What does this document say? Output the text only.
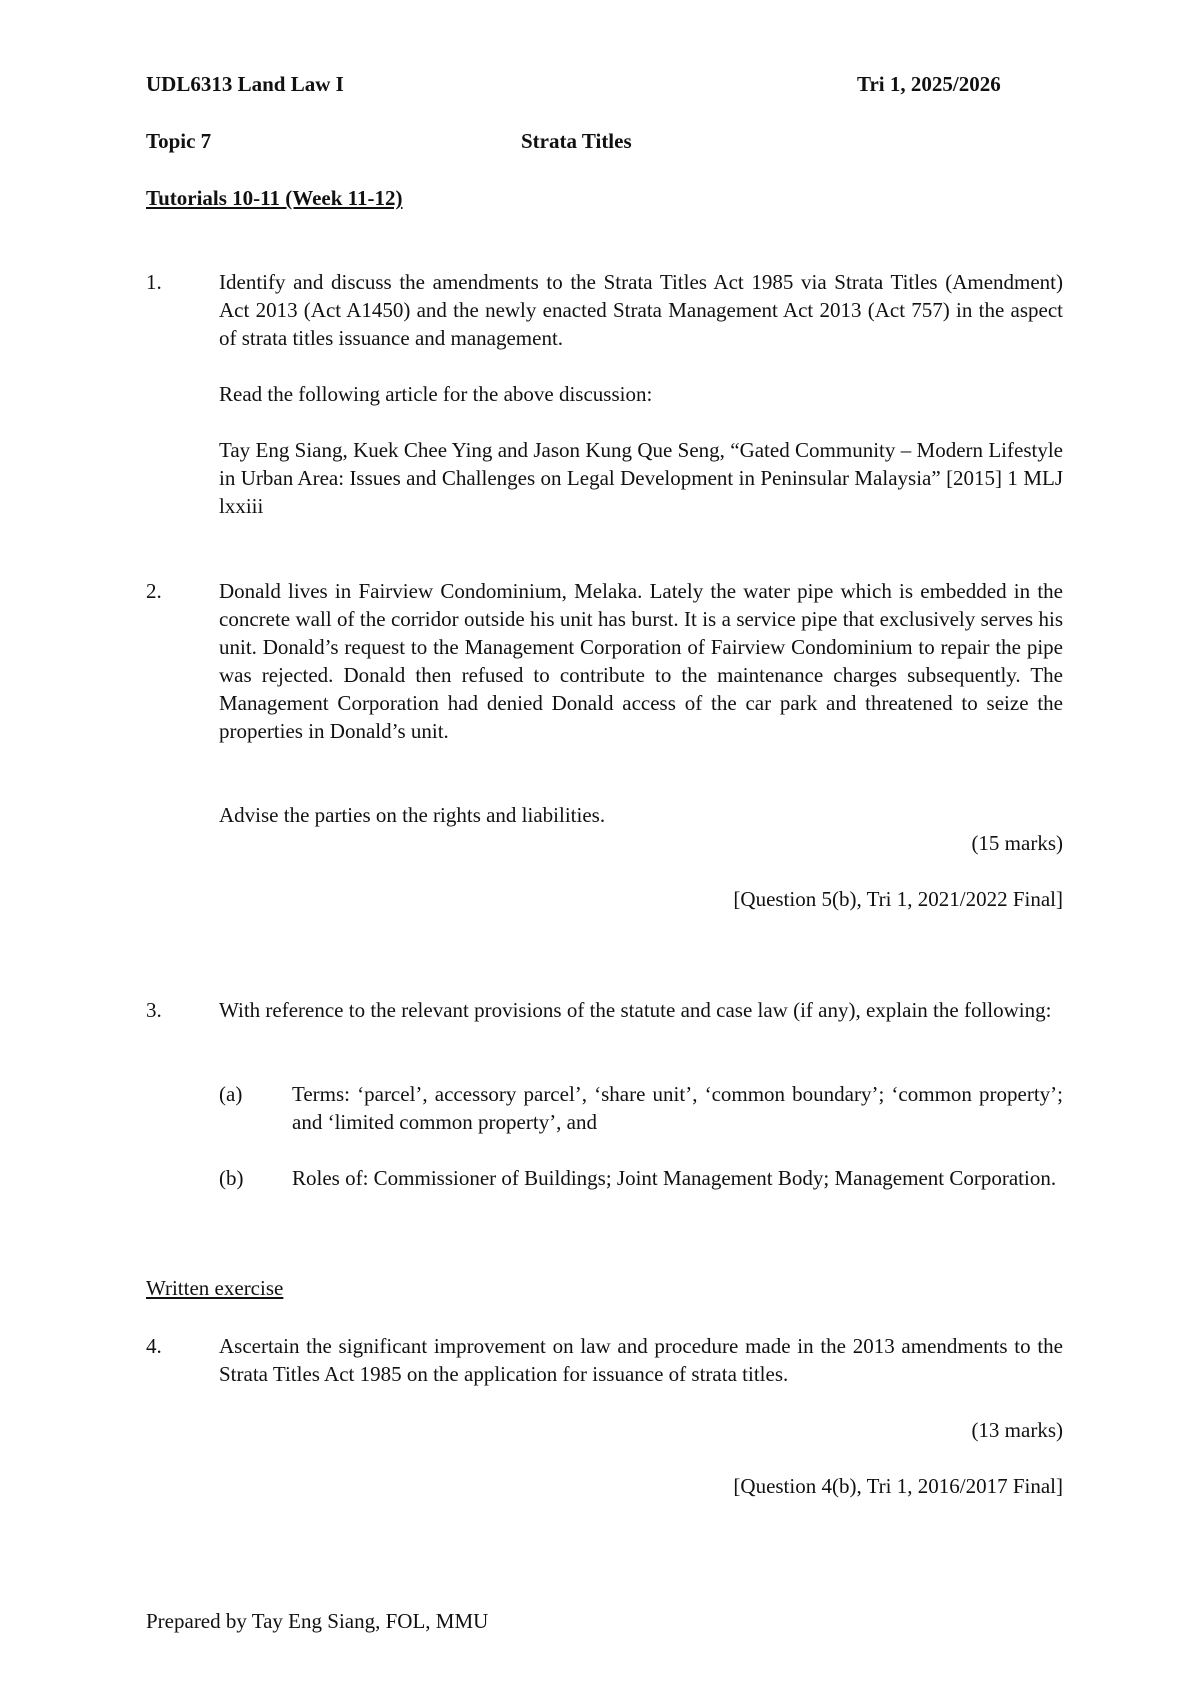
UDL6313 Land Law I	Tri 1, 2025/2026
Topic 7	Strata Titles
Tutorials 10-11 (Week 11-12)
1.	Identify and discuss the amendments to the Strata Titles Act 1985 via Strata Titles (Amendment) Act 2013 (Act A1450) and the newly enacted Strata Management Act 2013 (Act 757) in the aspect of strata titles issuance and management.
Read the following article for the above discussion:
Tay Eng Siang, Kuek Chee Ying and Jason Kung Que Seng, “Gated Community – Modern Lifestyle in Urban Area: Issues and Challenges on Legal Development in Peninsular Malaysia” [2015] 1 MLJ lxxiii
2.	Donald lives in Fairview Condominium, Melaka. Lately the water pipe which is embedded in the concrete wall of the corridor outside his unit has burst. It is a service pipe that exclusively serves his unit. Donald’s request to the Management Corporation of Fairview Condominium to repair the pipe was rejected. Donald then refused to contribute to the maintenance charges subsequently. The Management Corporation had denied Donald access of the car park and threatened to seize the properties in Donald’s unit.
Advise the parties on the rights and liabilities.
(15 marks)
[Question 5(b), Tri 1, 2021/2022 Final]
3.	With reference to the relevant provisions of the statute and case law (if any), explain the following:
(a) Terms: ‘parcel’, accessory parcel’, ‘share unit’, ‘common boundary’; ‘common property’; and ‘limited common property’, and
(b) Roles of: Commissioner of Buildings; Joint Management Body; Management Corporation.
Written exercise
4.	Ascertain the significant improvement on law and procedure made in the 2013 amendments to the Strata Titles Act 1985 on the application for issuance of strata titles.
(13 marks)
[Question 4(b), Tri 1, 2016/2017 Final]
Prepared by Tay Eng Siang, FOL, MMU
